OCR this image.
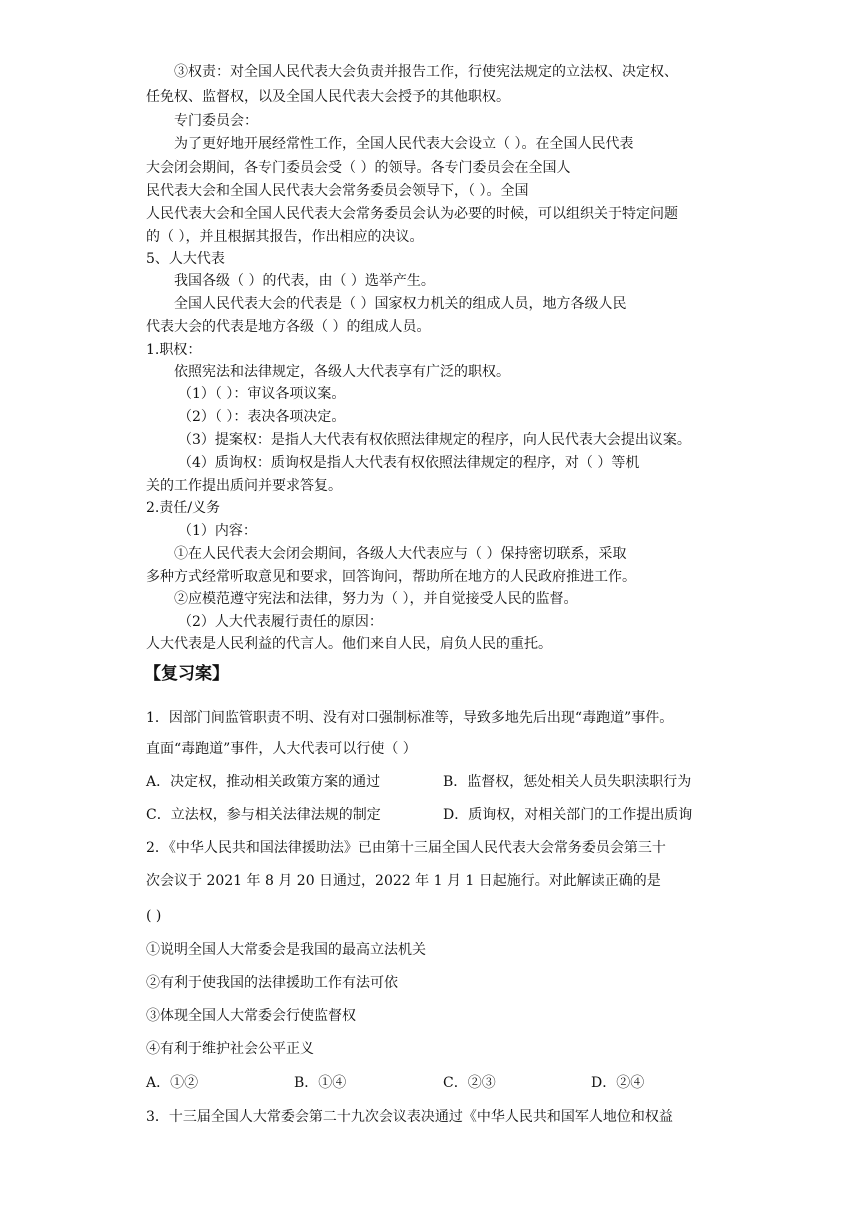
③权责：对全国人民代表大会负责并报告工作，行使宪法规定的立法权、决定权、
任免权、监督权，以及全国人民代表大会授予的其他职权。
专门委员会：
为了更好地开展经常性工作，全国人民代表大会设立（ ）。在全国人民代表
大会闭会期间，各专门委员会受（ ）的领导。各专门委员会在全国人
民代表大会和全国人民代表大会常务委员会领导下，（ ）。全国
人民代表大会和全国人民代表大会常务委员会认为必要的时候，可以组织关于特定问题
的（ ），并且根据其报告，作出相应的决议。
5、人大代表
我国各级（ ）的代表，由（ ）选举产生。
全国人民代表大会的代表是（ ）国家权力机关的组成人员，地方各级人民
代表大会的代表是地方各级（ ）的组成人员。
1.职权：
依照宪法和法律规定，各级人大代表享有广泛的职权。
（1）（ ）：审议各项议案。
（2）（ ）：表决各项决定。
（3）提案权：是指人大代表有权依照法律规定的程序，向人民代表大会提出议案。
（4）质询权：质询权是指人大代表有权依照法律规定的程序，对（ ）等机
关的工作提出质问并要求答复。
2.责任/义务
（1）内容：
①在人民代表大会闭会期间，各级人大代表应与（ ）保持密切联系，采取
多种方式经常听取意见和要求，回答询问，帮助所在地方的人民政府推进工作。
②应模范遵守宪法和法律，努力为（ ），并自觉接受人民的监督。
（2）人大代表履行责任的原因：
人大代表是人民利益的代言人。他们来自人民，肩负人民的重托。
【复习案】
1．因部门间监管职责不明、没有对口强制标准等，导致多地先后出现“毒跑道”事件。
直面“毒跑道”事件，人大代表可以行使（ ）
A．决定权，推动相关政策方案的通过	B．监督权，惩处相关人员失职渎职行为
C．立法权，参与相关法律法规的制定	D．质询权，对相关部门的工作提出质询
2．《中华人民共和国法律援助法》已由第十三届全国人民代表大会常务委员会第三十
次会议于 2021 年 8 月 20 日通过，2022 年 1 月 1 日起施行。对此解读正确的是
( )
①说明全国人大常委会是我国的最高立法机关
②有利于使我国的法律援助工作有法可依
③体现全国人大常委会行使监督权
④有利于维护社会公平正义
A．①②	B．①④	C．②③	D．②④
3．十三届全国人大常委会第二十九次会议表决通过《中华人民共和国军人地位和权益
